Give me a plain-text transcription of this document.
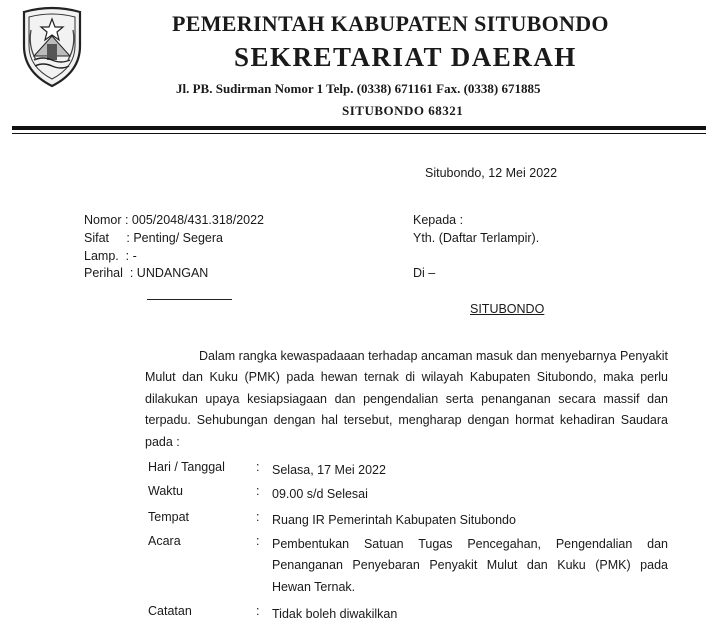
PEMERINTAH KABUPATEN SITUBONDO
SEKRETARIAT DAERAH
Jl. PB. Sudirman Nomor 1 Telp. (0338) 671161 Fax. (0338) 671885
SITUBONDO 68321
Situbondo, 12 Mei 2022
Nomor : 005/2048/431.318/2022
Sifat     : Penting/ Segera
Lamp.  : -
Perihal  : UNDANGAN
Kepada :
Yth. (Daftar Terlampir).
Di –
SITUBONDO
Dalam rangka kewaspadaaan terhadap ancaman masuk dan menyebarnya Penyakit Mulut dan Kuku (PMK) pada hewan ternak di wilayah Kabupaten Situbondo, maka perlu dilakukan upaya kesiapsiagaan dan pengendalian serta penanganan secara massif dan terpadu. Sehubungan dengan hal tersebut, mengharap dengan hormat kehadiran Saudara pada :
Hari / Tanggal : Selasa, 17 Mei 2022
Waktu	: 09.00 s/d Selesai
Tempat	: Ruang IR Pemerintah Kabupaten Situbondo
Acara	: Pembentukan Satuan Tugas Pencegahan, Pengendalian dan Penanganan Penyebaran Penyakit Mulut dan Kuku (PMK) pada Hewan Ternak.
Catatan	: Tidak boleh diwakilkan
